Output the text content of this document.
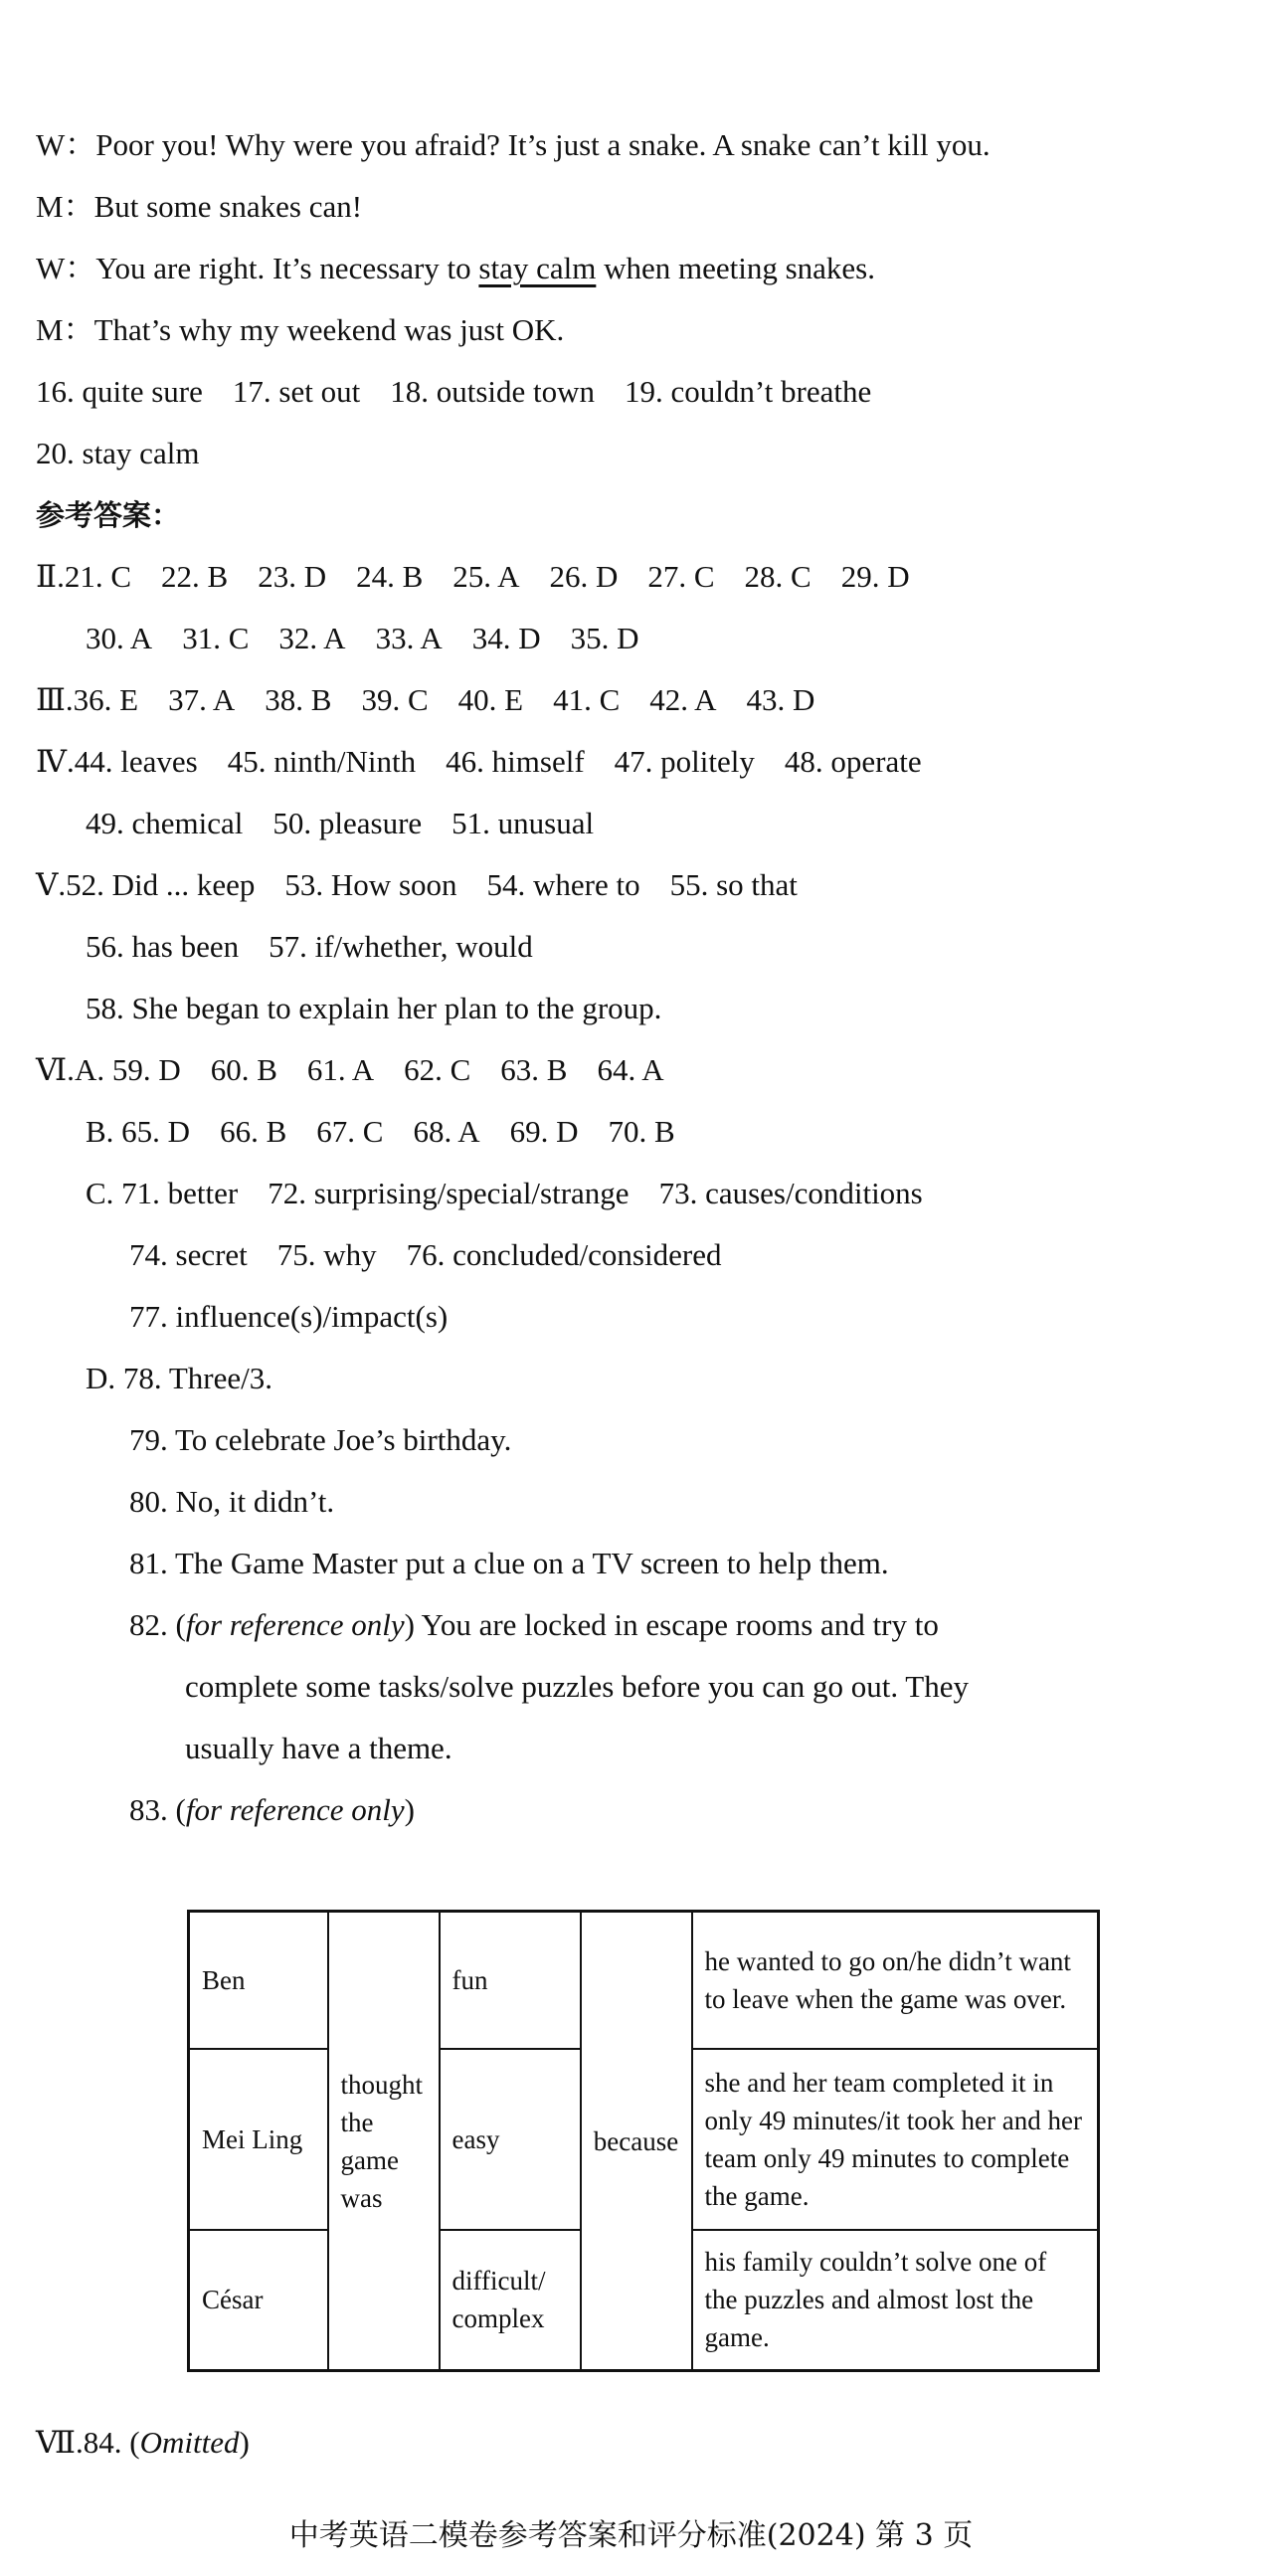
W：Poor you! Why were you afraid? It’s just a snake. A snake can’t kill you.
M：But some snakes can!
W：You are right. It’s necessary to stay calm when meeting snakes.
M：That’s why my weekend was just OK.
16. quite sure 17. set out 18. outside town 19. couldn’t breathe
20. stay calm
参考答案：
Ⅱ.21. C 22. B 23. D 24. B 25. A 26. D 27. C 28. C 29. D
30. A 31. C 32. A 33. A 34. D 35. D
Ⅲ.36. E 37. A 38. B 39. C 40. E 41. C 42. A 43. D
Ⅳ.44. leaves 45. ninth/Ninth 46. himself 47. politely 48. operate
49. chemical 50. pleasure 51. unusual
Ⅴ.52. Did ... keep 53. How soon 54. where to 55. so that
56. has been 57. if/whether, would
58. She began to explain her plan to the group.
Ⅵ.A. 59. D 60. B 61. A 62. C 63. B 64. A
B. 65. D 66. B 67. C 68. A 69. D 70. B
C. 71. better 72. surprising/special/strange 73. causes/conditions
74. secret 75. why 76. concluded/considered
77. influence(s)/impact(s)
D. 78. Three/3.
79. To celebrate Joe’s birthday.
80. No, it didn’t.
81. The Game Master put a clue on a TV screen to help them.
82. (for reference only) You are locked in escape rooms and try to
complete some tasks/solve puzzles before you can go out. They
usually have a theme.
83. (for reference only)
Ben	thought the game was	fun	because	he wanted to go on/he didn’t want to leave when the game was over.
Mei Ling		easy		she and her team completed it in only 49 minutes/it took her and her team only 49 minutes to complete the game.
César		difficult/ complex		his family couldn’t solve one of the puzzles and almost lost the game.
Ⅶ.84. (Omitted)
中考英语二模卷参考答案和评分标准(2024) 第 3 页
